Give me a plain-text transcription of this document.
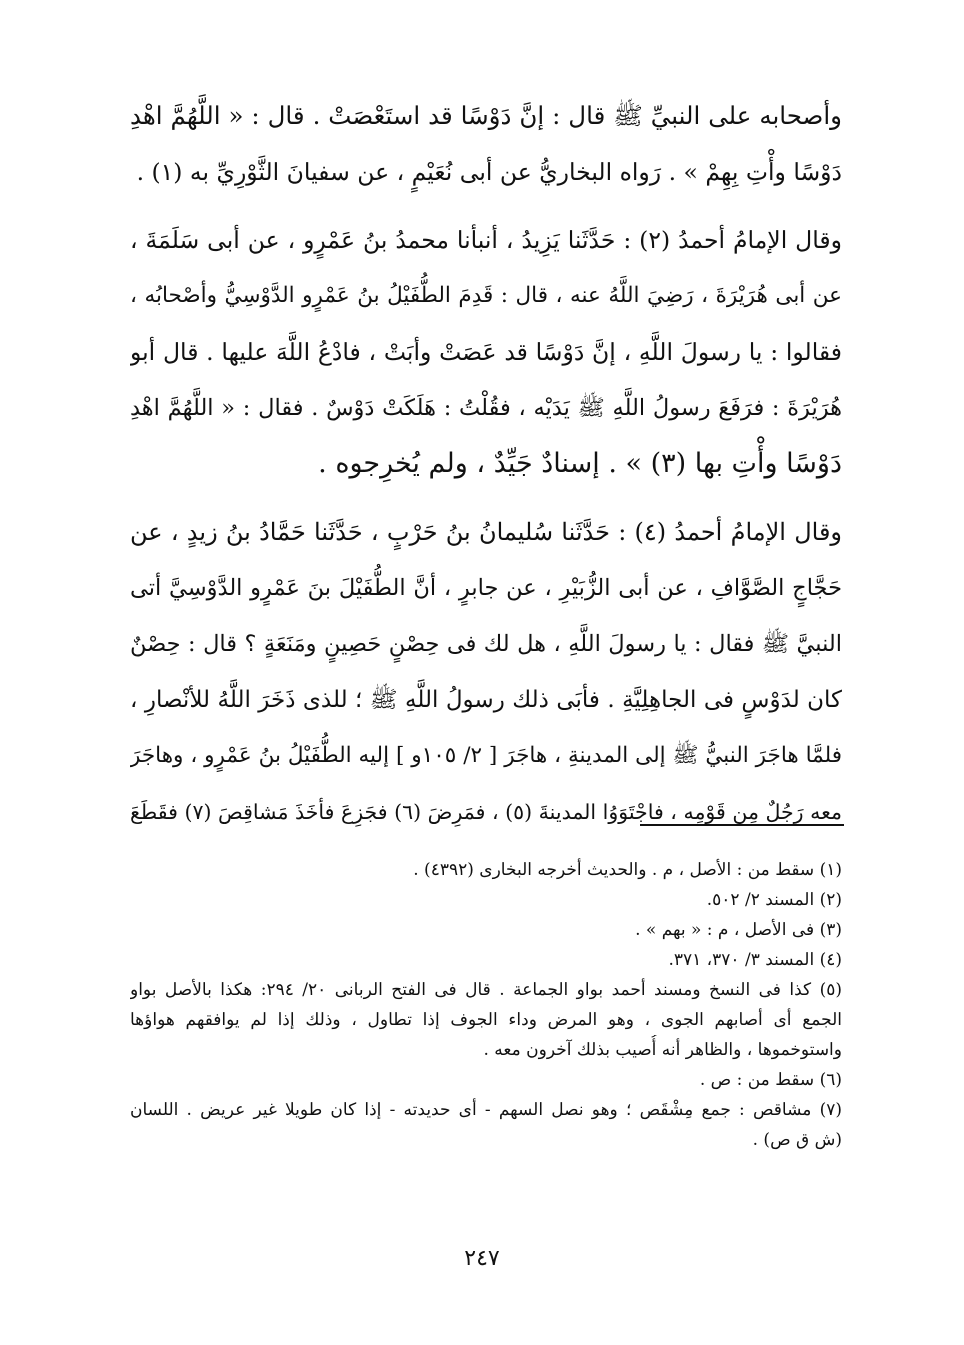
وأصحابه على النبيِّ ﷺ قال : إنَّ دَوْسًا قد استَعْصَتْ . قال : « اللَّهُمَّ اهْدِ
دَوْسًا وأْتِ بِهِمْ » . رَواه البخاريُّ عن أبى نُعَيْمٍ ، عن سفيانَ الثَّوْرِيِّ به (١) .
وقال الإمامُ أحمدُ (٢) : حَدَّثَنا يَزِيدُ ، أنبأنا محمدُ بنُ عَمْرٍو ، عن أبى سَلَمَةَ ،
عن أبى هُرَيْرَةَ ، رَضِيَ اللَّهُ عنه ، قال : قَدِمَ الطُّفَيْلُ بنُ عَمْرٍو الدَّوْسِيُّ وأصْحابُه ،
فقالوا : يا رسولَ اللَّهِ ، إنَّ دَوْسًا قد عَصَتْ وأبَتْ ، فادْعُ اللَّهَ عليها . قال أبو
هُرَيْرَةَ : فرَفَعَ رسولُ اللَّهِ ﷺ يَدَيْه ، فقُلْتُ : هَلَكَتْ دَوْسٌ . فقال : « اللَّهُمَّ اهْدِ
دَوْسًا وأْتِ بها (٣) » . إسنادٌ جَيِّدٌ ، ولم يُخرِجوه .
وقال الإمامُ أحمدُ (٤) : حَدَّثَنا سُليمانُ بنُ حَرْبٍ ، حَدَّثَنا حَمَّادُ بنُ زيدٍ ، عن
حَجَّاجٍ الصَّوَّافِ ، عن أبى الزُّبَيْرِ ، عن جابرٍ ، أنَّ الطُّفَيْلَ بنَ عَمْرٍو الدَّوْسِيَّ أتى
النبيَّ ﷺ فقال : يا رسولَ اللَّهِ ، هل لك فى حِصْنٍ حَصِينٍ ومَنَعَةٍ ؟ قال : حِصْنٌ
كان لدَوْسٍ فى الجاهِلِيَّةِ . فأبَى ذلك رسولُ اللَّهِ ﷺ ؛ للذى ذَخَرَ اللَّهُ للأنْصارِ ،
فلمَّا هاجَرَ النبيُّ ﷺ إلى المدينةِ ، هاجَرَ [ ٢/ ١٠٥و ] إليه الطُّفَيْلُ بنُ عَمْرٍو ، وهاجَرَ
معه رَجُلٌ مِن قَوْمِه ، فاجْتَوَوُا المدينةَ (٥) ، فمَرِضَ (٦) فجَزِعَ فأخَذَ مَشاقِصَ (٧) فقَطَعَ
(١) سقط من : الأصل ، م . والحديث أخرجه البخارى (٤٣٩٢) .
(٢) المسند ٢/ ٥٠٢.
(٣) فى الأصل ، م : « بهم » .
(٤) المسند ٣/ ٣٧٠، ٣٧١.
(٥) كذا فى النسخ ومسند أحمد بواو الجماعة . قال فى الفتح الربانى ٢٠/ ٢٩٤: هكذا بالأصل بواو
الجمع أى أصابهم الجوى ، وهو المرض وداء الجوف إذا تطاول ، وذلك إذا لم يوافقهم هواؤها
واستوخموها ، والظاهر أنه أُصيب بذلك آخرون معه .
(٦) سقط من : ص .
(٧) مشاقص : جمع مِشْقَص ؛ وهو نصل السهم - أى حديدته - إذا كان طويلا غير عريض . اللسان
(ش ق ص) .
٢٤٧
